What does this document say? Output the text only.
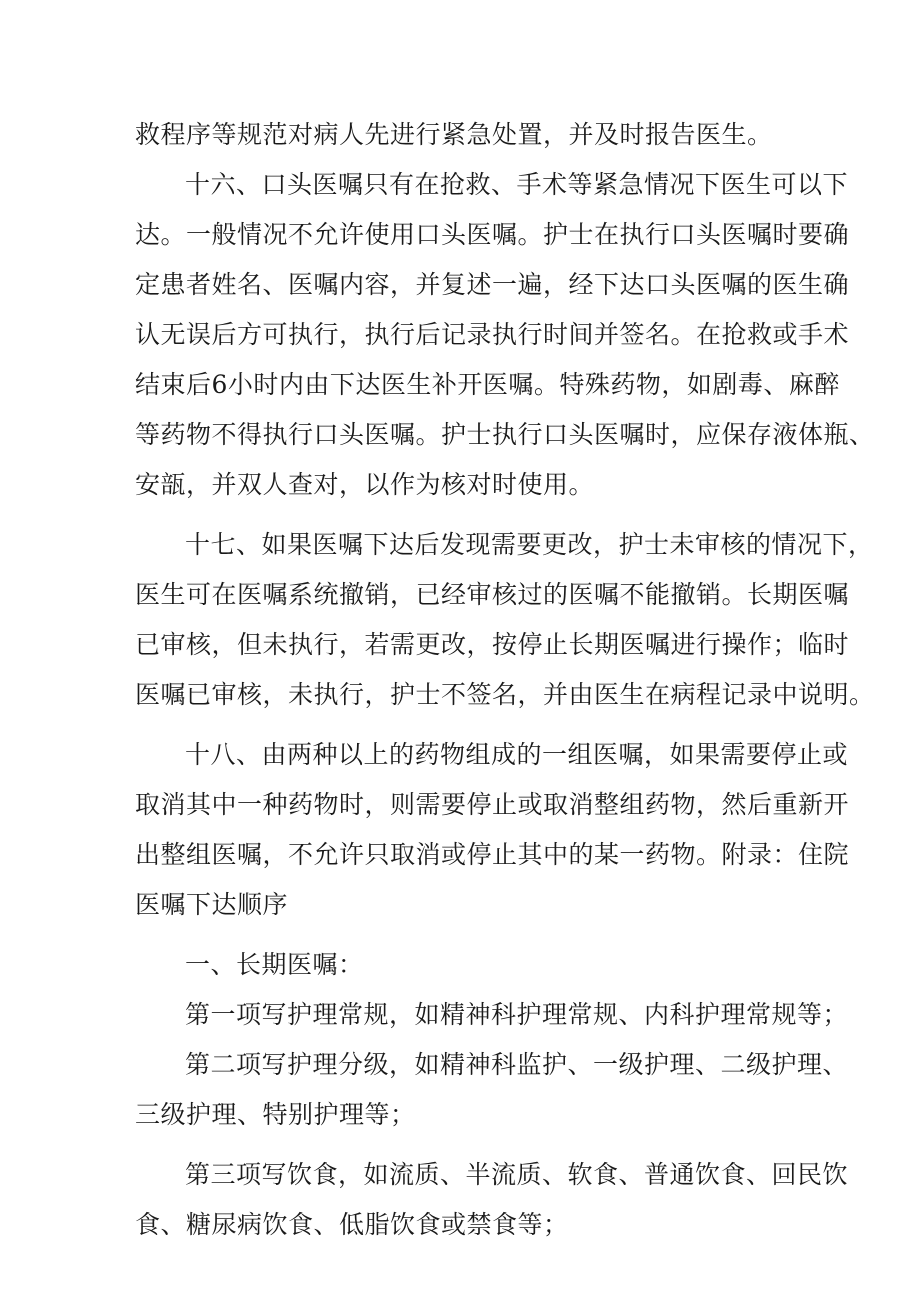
救程序等规范对病人先进行紧急处置，并及时报告医生。
十六、口头医嘱只有在抢救、手术等紧急情况下医生可以下
达。一般情况不允许使用口头医嘱。护士在执行口头医嘱时要确
定患者姓名、医嘱内容，并复述一遍，经下达口头医嘱的医生确
认无误后方可执行，执行后记录执行时间并签名。在抢救或手术
结束后6小时内由下达医生补开医嘱。特殊药物，如剧毒、麻醉
等药物不得执行口头医嘱。护士执行口头医嘱时，应保存液体瓶、
安瓿，并双人查对，以作为核对时使用。
十七、如果医嘱下达后发现需要更改，护士未审核的情况下，
医生可在医嘱系统撤销，已经审核过的医嘱不能撤销。长期医嘱
已审核，但未执行，若需更改，按停止长期医嘱进行操作；临时
医嘱已审核，未执行，护士不签名，并由医生在病程记录中说明。
十八、由两种以上的药物组成的一组医嘱，如果需要停止或
取消其中一种药物时，则需要停止或取消整组药物，然后重新开
出整组医嘱，不允许只取消或停止其中的某一药物。附录：住院
医嘱下达顺序
一、长期医嘱：
第一项写护理常规，如精神科护理常规、内科护理常规等；
第二项写护理分级，如精神科监护、一级护理、二级护理、
三级护理、特别护理等；
第三项写饮食，如流质、半流质、软食、普通饮食、回民饮
食、糖尿病饮食、低脂饮食或禁食等；
